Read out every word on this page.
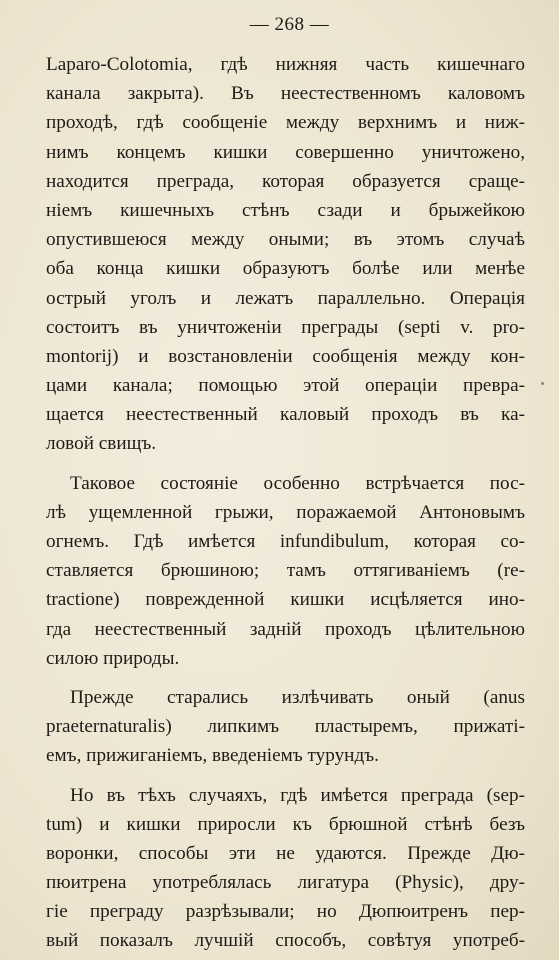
— 268 —
Laparo-Colotomia, гдѣ нижняя часть кишечнаго
канала закрыта). Въ неестественномъ каловомъ
проходѣ, гдѣ сообщеніе между верхнимъ и ниж-
нимъ концемъ кишки совершенно уничтожено,
находится преграда, которая образуется сраще-
ніемъ кишечныхъ стѣнъ сзади и брыжейкою
опустившеюся между оными; въ этомъ случаѣ
оба конца кишки образуютъ болѣе или менѣе
острый уголъ и лежатъ параллельно. Операція
состоитъ въ уничтоженіи преграды (septi v. pro-
montorij) и возстановленіи сообщенія между кон-
цами канала; помощью этой операціи превра-
щается неестественный каловый проходъ въ ка-
ловой свищъ.
Таковое состояніе особенно встрѣчается пос-
лѣ ущемленной грыжи, поражаемой Антоновымъ
огнемъ. Гдѣ имѣется infundibulum, которая со-
ставляется брюшиною; тамъ оттягиваніемъ (re-
tractione) поврежденной кишки исцѣляется ино-
гда неестественный задній проходъ цѣлительною
силою природы.
Прежде старались излѣчивать оный (anus
praeternaturalis) липкимъ пластыремъ, прижаті-
емъ, прижиганіемъ, введеніемъ турундъ.
Но въ тѣхъ случаяхъ, гдѣ имѣется преграда (sep-
tum) и кишки приросли къ брюшной стѣнѣ безъ
воронки, способы эти не удаются. Прежде Дю-
пюитрена употреблялась лигатура (Physic), дру-
гіе преграду разрѣзывали; но Дюпюитренъ пер-
вый показалъ лучшій способъ, совѣтуя употреб-
